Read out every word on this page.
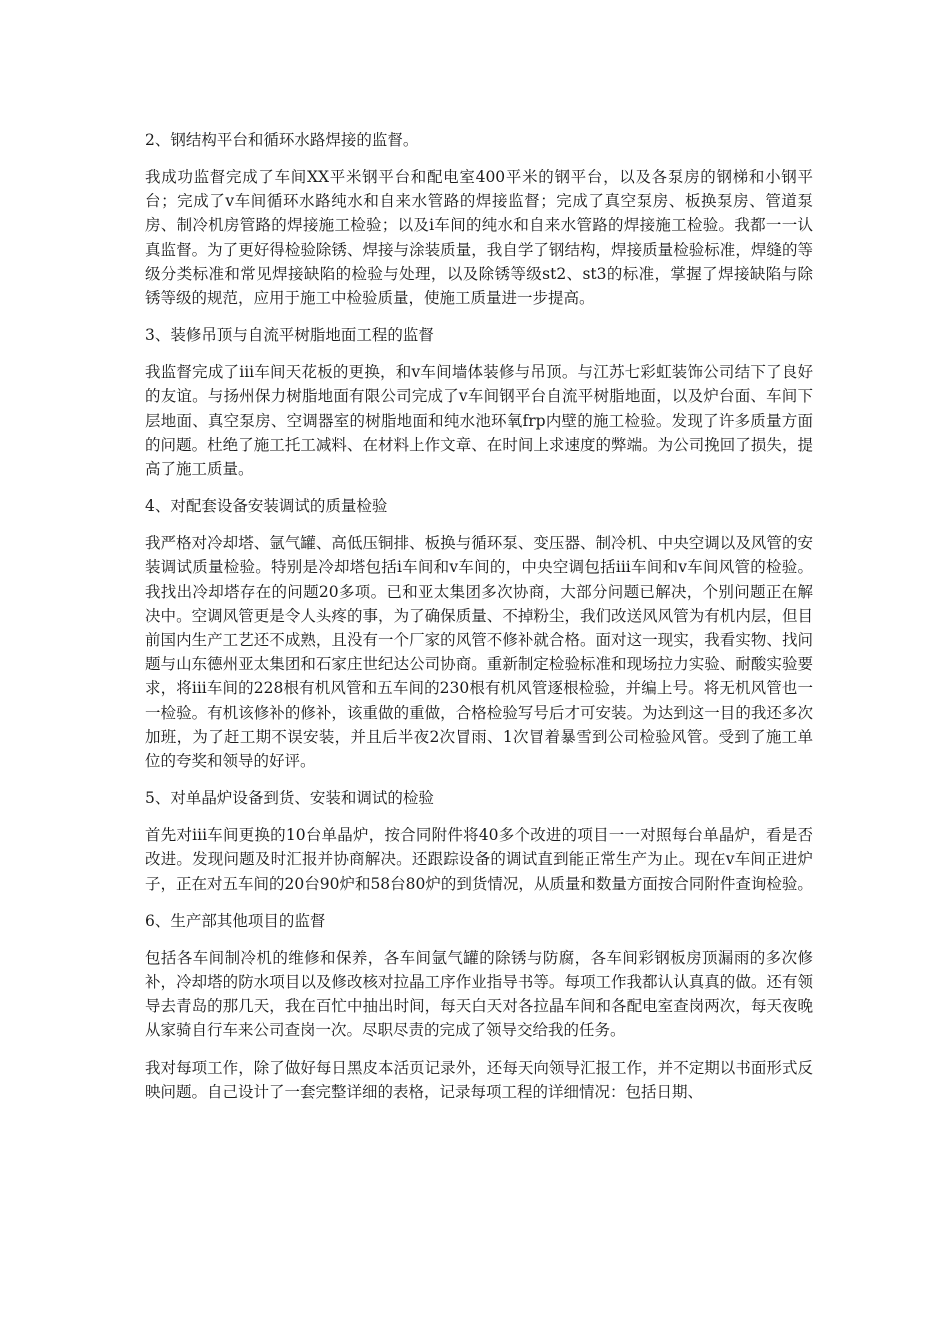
2、钢结构平台和循环水路焊接的监督。
我成功监督完成了车间XX平米钢平台和配电室400平米的钢平台，以及各泵房的钢梯和小钢平台；完成了v车间循环水路纯水和自来水管路的焊接监督；完成了真空泵房、板换泵房、管道泵房、制冷机房管路的焊接施工检验；以及i车间的纯水和自来水管路的焊接施工检验。我都一一认真监督。为了更好得检验除锈、焊接与涂装质量，我自学了钢结构，焊接质量检验标准，焊缝的等级分类标准和常见焊接缺陷的检验与处理，以及除锈等级st2、st3的标准，掌握了焊接缺陷与除锈等级的规范，应用于施工中检验质量，使施工质量进一步提高。
3、装修吊顶与自流平树脂地面工程的监督
我监督完成了iii车间天花板的更换，和v车间墙体装修与吊顶。与江苏七彩虹装饰公司结下了良好的友谊。与扬州保力树脂地面有限公司完成了v车间钢平台自流平树脂地面，以及炉台面、车间下层地面、真空泵房、空调器室的树脂地面和纯水池环氧frp内壁的施工检验。发现了许多质量方面的问题。杜绝了施工托工减料、在材料上作文章、在时间上求速度的弊端。为公司挽回了损失，提高了施工质量。
4、对配套设备安装调试的质量检验
我严格对冷却塔、氩气罐、高低压铜排、板换与循环泵、变压器、制冷机、中央空调以及风管的安装调试质量检验。特别是冷却塔包括i车间和v车间的，中央空调包括iii车间和v车间风管的检验。我找出冷却塔存在的问题20多项。已和亚太集团多次协商，大部分问题已解决，个别问题正在解决中。空调风管更是令人头疼的事，为了确保质量、不掉粉尘，我们改送风风管为有机内层，但目前国内生产工艺还不成熟，且没有一个厂家的风管不修补就合格。面对这一现实，我看实物、找问题与山东德州亚太集团和石家庄世纪达公司协商。重新制定检验标准和现场拉力实验、耐酸实验要求，将iii车间的228根有机风管和五车间的230根有机风管逐根检验，并编上号。将无机风管也一一检验。有机该修补的修补，该重做的重做，合格检验写号后才可安装。为达到这一目的我还多次加班，为了赶工期不误安装，并且后半夜2次冒雨、1次冒着暴雪到公司检验风管。受到了施工单位的夸奖和领导的好评。
5、对单晶炉设备到货、安装和调试的检验
首先对iii车间更换的10台单晶炉，按合同附件将40多个改进的项目一一对照每台单晶炉，看是否改进。发现问题及时汇报并协商解决。还跟踪设备的调试直到能正常生产为止。现在v车间正进炉子，正在对五车间的20台90炉和58台80炉的到货情况，从质量和数量方面按合同附件查询检验。
6、生产部其他项目的监督
包括各车间制冷机的维修和保养，各车间氩气罐的除锈与防腐，各车间彩钢板房顶漏雨的多次修补，冷却塔的防水项目以及修改核对拉晶工序作业指导书等。每项工作我都认认真真的做。还有领导去青岛的那几天，我在百忙中抽出时间，每天白天对各拉晶车间和各配电室查岗两次，每天夜晚从家骑自行车来公司查岗一次。尽职尽责的完成了领导交给我的任务。
我对每项工作，除了做好每日黑皮本活页记录外，还每天向领导汇报工作，并不定期以书面形式反映问题。自己设计了一套完整详细的表格，记录每项工程的详细情况：包括日期、
